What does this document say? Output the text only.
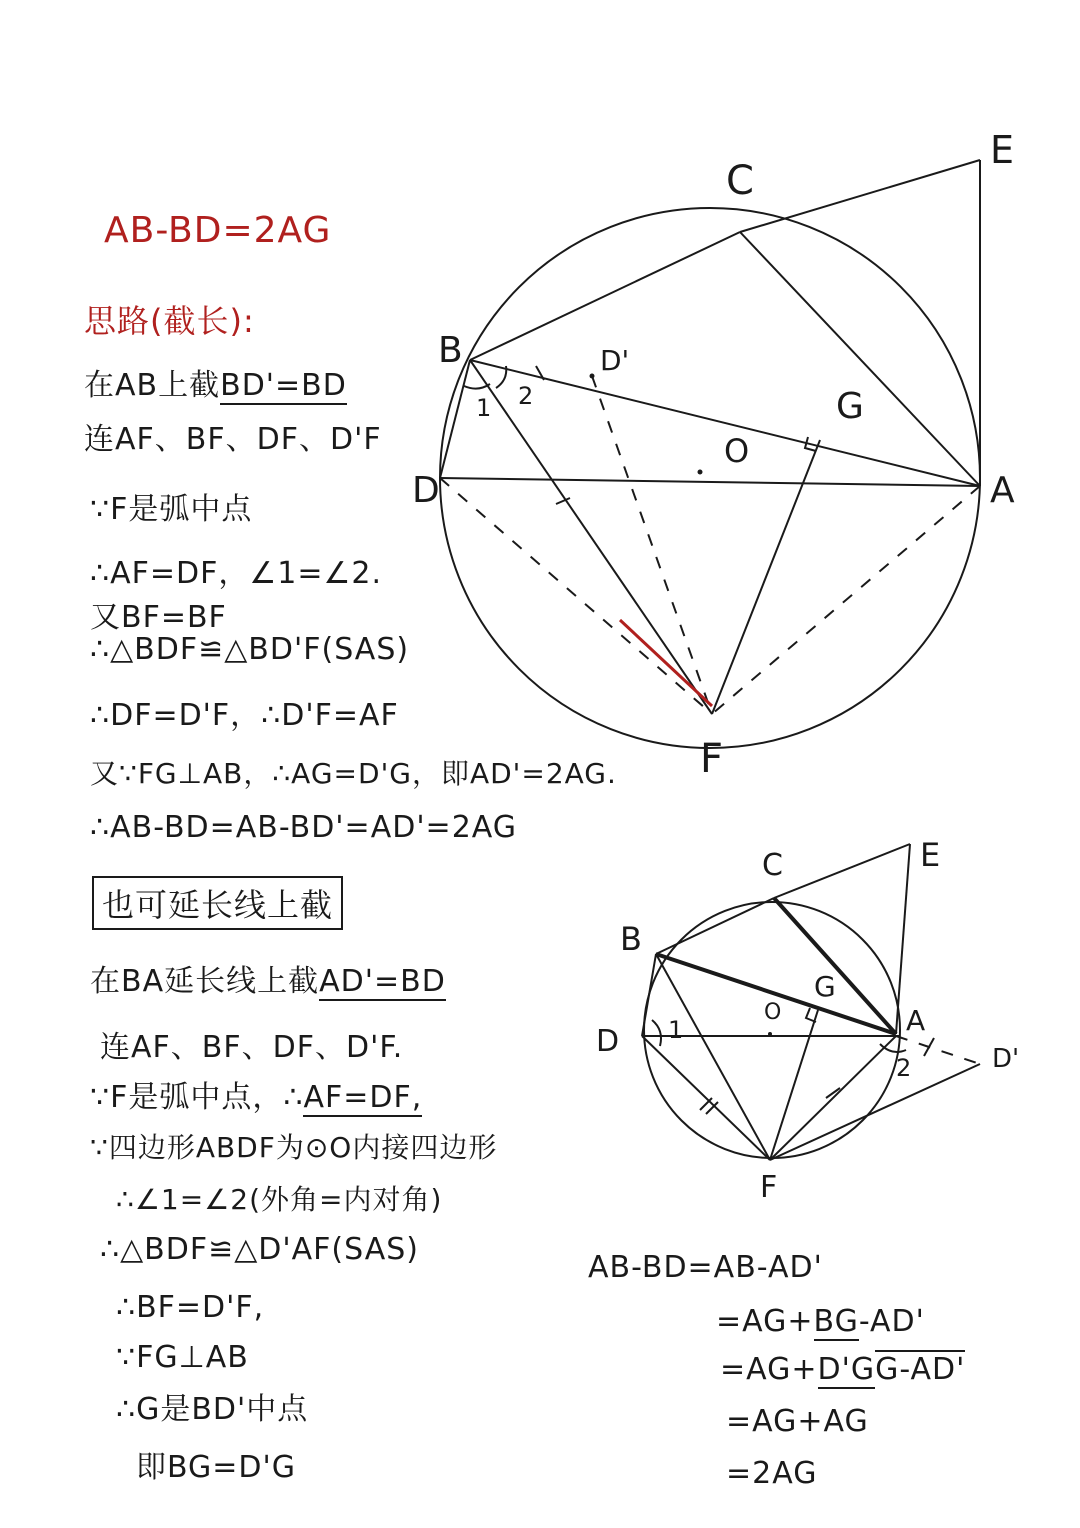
C
E
B
D	A
G
O
D'
F
1 2
C	E
B
D
A
G
O
D'
F
1
2
AB-BD=2AG
思路(截长):
在AB上截BD'=BD
连AF、BF、DF、D'F
∵F是弧中点
∴AF=DF，∠1=∠2.
又BF=BF
∴△BDF≌△BD'F(SAS)
∴DF=D'F，∴D'F=AF
又∵FG⊥AB，∴AG=D'G，即AD'=2AG.
∴AB-BD=AB-BD'=AD'=2AG
也可延长线上截
在BA延长线上截AD'=BD
连AF、BF、DF、D'F.
∵F是弧中点，∴AF=DF,
∵四边形ABDF为⊙O内接四边形
∴∠1=∠2(外角=内对角)
∴△BDF≌△D'AF(SAS)
∴BF=D'F,
∵FG⊥AB
∴G是BD'中点
即BG=D'G
AB-BD=AB-AD'
=AG+BG-AD'
=AG+D'GG-AD'
=AG+AG
=2AG
